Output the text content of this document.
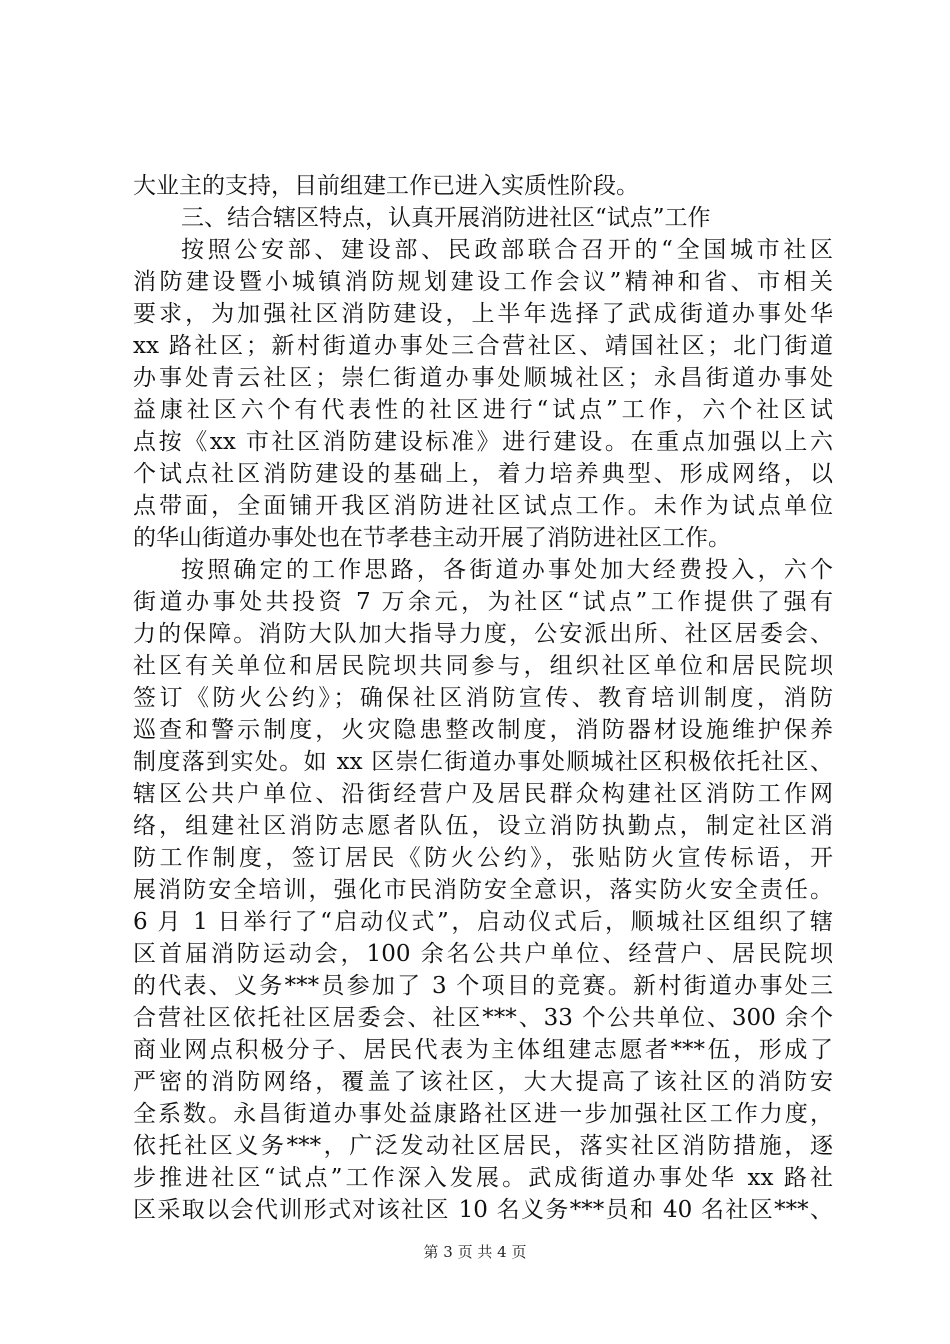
大业主的支持，目前组建工作已进入实质性阶段。
三、结合辖区特点，认真开展消防进社区“试点”工作
按照公安部、建设部、民政部联合召开的“全国城市社区
消防建设暨小城镇消防规划建设工作会议”精神和省、市相关
要求，为加强社区消防建设，上半年选择了武成街道办事处华
xx 路社区；新村街道办事处三合营社区、靖国社区；北门街道
办事处青云社区；崇仁街道办事处顺城社区；永昌街道办事处
益康社区六个有代表性的社区进行“试点”工作，六个社区试
点按《xx 市社区消防建设标准》进行建设。在重点加强以上六
个试点社区消防建设的基础上，着力培养典型、形成网络，以
点带面，全面铺开我区消防进社区试点工作。未作为试点单位
的华山街道办事处也在节孝巷主动开展了消防进社区工作。
按照确定的工作思路，各街道办事处加大经费投入，六个
街道办事处共投资 7 万余元，为社区“试点”工作提供了强有
力的保障。消防大队加大指导力度，公安派出所、社区居委会、
社区有关单位和居民院坝共同参与，组织社区单位和居民院坝
签订《防火公约》；确保社区消防宣传、教育培训制度，消防
巡查和警示制度，火灾隐患整改制度，消防器材设施维护保养
制度落到实处。如 xx 区崇仁街道办事处顺城社区积极依托社区、
辖区公共户单位、沿街经营户及居民群众构建社区消防工作网
络，组建社区消防志愿者队伍，设立消防执勤点，制定社区消
防工作制度，签订居民《防火公约》，张贴防火宣传标语，开
展消防安全培训，强化市民消防安全意识，落实防火安全责任。
6 月 1 日举行了“启动仪式”，启动仪式后，顺城社区组织了辖
区首届消防运动会，100 余名公共户单位、经营户、居民院坝
的代表、义务***员参加了 3 个项目的竞赛。新村街道办事处三
合营社区依托社区居委会、社区***、33 个公共单位、300 余个
商业网点积极分子、居民代表为主体组建志愿者***伍，形成了
严密的消防网络，覆盖了该社区，大大提高了该社区的消防安
全系数。永昌街道办事处益康路社区进一步加强社区工作力度，
依托社区义务***，广泛发动社区居民，落实社区消防措施，逐
步推进社区“试点”工作深入发展。武成街道办事处华 xx 路社
区采取以会代训形式对该社区 10 名义务***员和 40 名社区***、
第 3 页 共 4 页
